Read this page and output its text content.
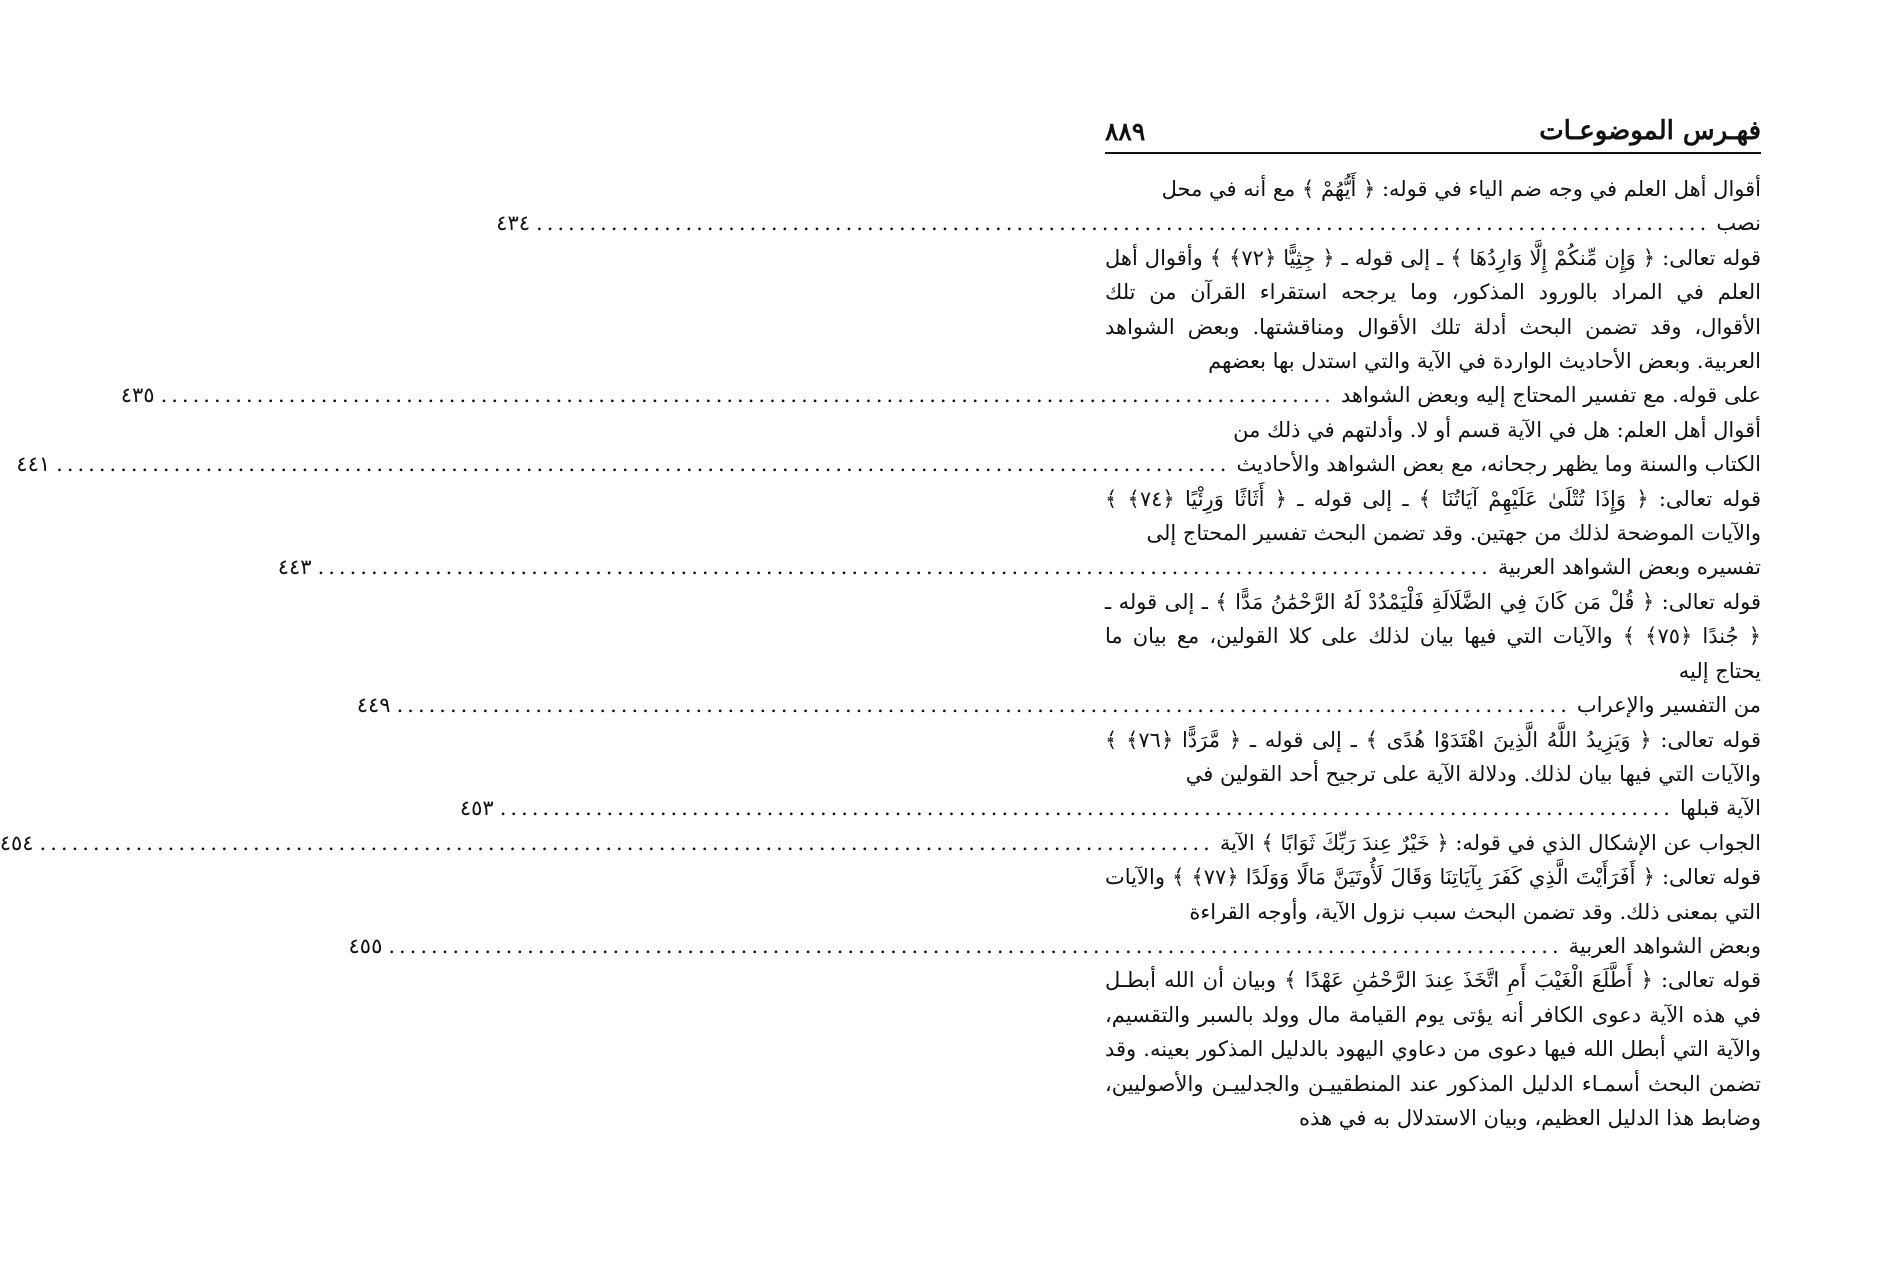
فهـرس الموضوعـات
٨٨٩
أقوال أهل العلم في وجه ضم الياء في قوله: ﴿ أَيُّهُمْ ﴾ مع أنه في محل
نصب
..............................................................................................................
٤٣٤
قوله تعالى: ﴿ وَإِن مِّنكُمْ إِلَّا وَارِدُهَا ﴾ ـ إلى قوله ـ ﴿ جِثِيًّا ﴿٧٢﴾ ﴾ وأقوال أهل العلم في المراد بالورود المذكور، وما يرجحه استقراء القرآن من تلك الأقوال، وقد تضمن البحث أدلة تلك الأقوال ومناقشتها. وبعض الشواهد العربية. وبعض الأحاديث الواردة في الآية والتي استدل بها بعضهم
على قوله. مع تفسير المحتاج إليه وبعض الشواهد
..............................................................................................................
٤٣٥
أقوال أهل العلم: هل في الآية قسم أو لا. وأدلتهم في ذلك من
الكتاب والسنة وما يظهر رجحانه، مع بعض الشواهد والأحاديث
..............................................................................................................
٤٤١
قوله تعالى: ﴿ وَإِذَا تُتْلَىٰ عَلَيْهِمْ آيَاتُنَا ﴾ ـ إلى قوله ـ ﴿ أَثَاثًا وَرِئْيًا ﴿٧٤﴾ ﴾ والآيات الموضحة لذلك من جهتين. وقد تضمن البحث تفسير المحتاج إلى
تفسيره وبعض الشواهد العربية
..............................................................................................................
٤٤٣
قوله تعالى: ﴿ قُلْ مَن كَانَ فِي الضَّلَالَةِ فَلْيَمْدُدْ لَهُ الرَّحْمَٰنُ مَدًّا ﴾ ـ إلى قوله ـ ﴿ جُندًا ﴿٧٥﴾ ﴾ والآيات التي فيها بيان لذلك على كلا القولين، مع بيان ما يحتاج إليه
من التفسير والإعراب
..............................................................................................................
٤٤٩
قوله تعالى: ﴿ وَيَزِيدُ اللَّهُ الَّذِينَ اهْتَدَوْا هُدًى ﴾ ـ إلى قوله ـ ﴿ مَّرَدًّا ﴿٧٦﴾ ﴾ والآيات التي فيها بيان لذلك. ودلالة الآية على ترجيح أحد القولين في
الآية قبلها
..............................................................................................................
٤٥٣
الجواب عن الإشكال الذي في قوله: ﴿ خَيْرٌ عِندَ رَبِّكَ ثَوَابًا ﴾ الآية
..............................................................................................................
٤٥٤
قوله تعالى: ﴿ أَفَرَأَيْتَ الَّذِي كَفَرَ بِآيَاتِنَا وَقَالَ لَأُوتَيَنَّ مَالًا وَوَلَدًا ﴿٧٧﴾ ﴾ والآيات التي بمعنى ذلك. وقد تضمن البحث سبب نزول الآية، وأوجه القراءة
وبعض الشواهد العربية
..............................................................................................................
٤٥٥
قوله تعالى: ﴿ أَطَّلَعَ الْغَيْبَ أَمِ اتَّخَذَ عِندَ الرَّحْمَٰنِ عَهْدًا ﴾ وبيان أن الله أبطـل في هذه الآية دعوى الكافر أنه يؤتى يوم القيامة مال وولد بالسبر والتقسيم، والآية التي أبطل الله فيها دعوى من دعاوي اليهود بالدليل المذكور بعينه. وقد تضمن البحث أسمـاء الدليل المذكور عند المنطقييـن والجدلييـن والأصوليين، وضابط هذا الدليل العظيم، وبيان الاستدلال به في هذه
